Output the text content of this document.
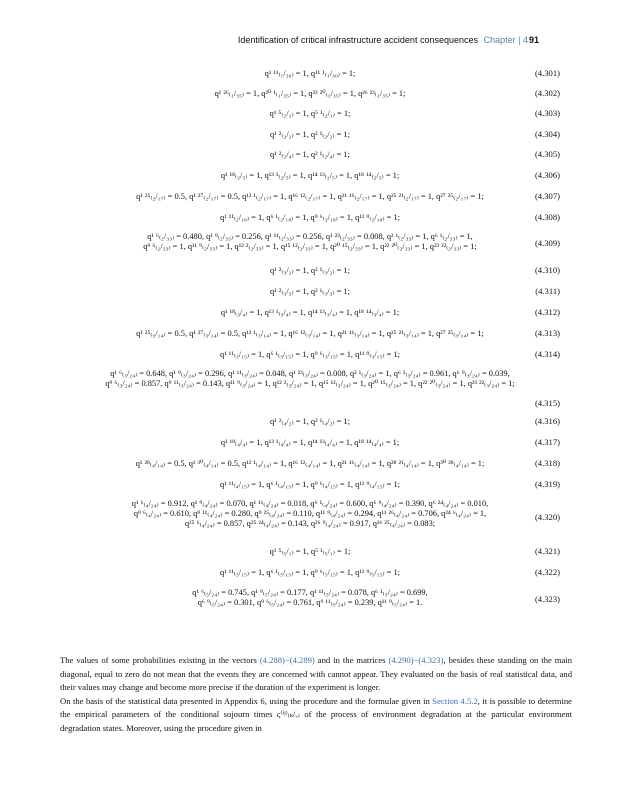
Identification of critical infrastructure accident consequences Chapter | 4 91
q¹ ¹¹₍₁/₃₀₎ = 1, q¹¹ ¹₍₁/₃₀₎ = 1;	(4.301)
q¹ ²⁶₍₁/₃₅₎ = 1, q²⁰ ¹₍₁/₃₅₎ = 1, q²³ ²⁰₍₁/₃₅₎ = 1, q²⁶ ²³₍₁/₃₅₎ = 1;	(4.302)
q¹ ⁵₍₂/₁₎ = 1, q⁵ ¹₍₂/₁₎ = 1;	(4.303)
q¹ ²₍₂/₂₎ = 1, q² ¹₍₂/₂₎ = 1;	(4.304)
q¹ ²₍₂/₄₎ = 1, q² ¹₍₂/₄₎ = 1;	(4.305)
q¹ ¹⁸₍₂/₅₎ = 1, q¹³ ¹₍₂/₅₎ = 1, q¹⁴ ¹³₍₂/₅₎ = 1, q¹⁸ ¹⁴₍₂/₅₎ = 1;	(4.306)
q¹ ²⁵₍₂/₁₇₎ = 0.5, q¹ ²⁷₍₂/₁₇₎ = 0.5, q¹² ¹₍₂/₁₇₎ = 1, q¹⁶ ¹²₍₂/₁₇₎ = 1, q²¹ ¹⁶₍₂/₁₇₎ = 1, q²⁵ ²¹₍₂/₁₇₎ = 1, q²⁷ ²⁵₍₂/₁₇₎ = 1;	(4.307)
q¹ ¹¹₍₂/₁₈₎ = 1, q⁶ ¹₍₂/₁₈₎ = 1, q⁹ ⁶₍₂/₁₈₎ = 1, q¹¹ ⁹₍₂/₁₈₎ = 1;	(4.308)
q¹ ⁶₍₂/₃₃₎ = 0.480, q¹ ⁹₍₂/₃₃₎ = 0.256, q¹ ¹¹₍₂/₃₃₎ = 0.256, q¹ ²³₍₂/₃₃₎ = 0.008, q² ¹₍₂/₃₃₎ = 1, q⁶ ¹₍₂/₃₃₎ = 1,
q⁹ ⁶₍₂/₃₃₎ = 1, q¹¹ ⁹₍₂/₃₃₎ = 1, q¹² ²₍₂/₃₃₎ = 1, q¹⁵ ¹²₍₂/₃₃₎ = 1, q²⁰ ¹⁵₍₂/₃₃₎ = 1, q²² ²⁰₍₂/₃₃₎ = 1, q²³ ²²₍₂/₃₃₎ = 1;	(4.309)
q¹ ²₍₃/₂₎ = 1, q² ¹₍₃/₂₎ = 1;	(4.310)
q¹ ²₍₃/₃₎ = 1, q² ¹₍₃/₃₎ = 1;	(4.311)
q¹ ¹⁸₍₃/₄₎ = 1, q¹³ ¹₍₃/₄₎ = 1, q¹⁴ ¹³₍₃/₄₎ = 1, q¹⁸ ¹⁴₍₃/₄₎ = 1;	(4.312)
q¹ ²⁵₍₃/₁₄₎ = 0.5, q¹ ²⁷₍₃/₁₄₎ = 0.5, q¹² ¹₍₃/₁₄₎ = 1, q¹⁶ ¹²₍₃/₁₄₎ = 1, q²¹ ¹⁶₍₃/₁₄₎ = 1, q²⁵ ²¹₍₃/₁₄₎ = 1, q²⁷ ²⁵₍₃/₁₄₎ = 1;	(4.313)
q¹ ¹¹₍₃/₁₅₎ = 1, q⁶ ¹₍₃/₁₅₎ = 1, q⁹ ⁶₍₃/₁₅₎ = 1, q¹¹ ⁹₍₃/₁₅₎ = 1;	(4.314)
q¹ ⁶₍₃/₂₄₎ = 0.648, q¹ ⁹₍₃/₂₄₎ = 0.296, q¹ ¹¹₍₃/₂₄₎ = 0.048, q¹ ²³₍₃/₂₄₎ = 0.008, q² ¹₍₃/₂₄₎ = 1, q⁶ ¹₍₃/₂₄₎ = 0.961, q⁶ ⁹₍₃/₂₄₎ = 0.039,
q⁹ ⁶₍₃/₂₄₎ = 0.857, q⁹ ¹¹₍₃/₂₄₎ = 0.143, q¹¹ ⁹₍₃/₂₄₎ = 1, q¹² ²₍₃/₂₄₎ = 1, q¹⁵ ¹²₍₃/₂₄₎ = 1, q²⁰ ¹⁵₍₃/₂₄₎ = 1, q²² ²⁰₍₃/₂₄₎ = 1, q²³ ²²₍₃/₂₄₎ = 1;
(4.315)
q¹ ²₍₄/₂₎ = 1, q² ¹₍₄/₂₎ = 1;	(4.316)
q¹ ¹⁸₍₄/₄₎ = 1, q¹³ ¹₍₄/₄₎ = 1, q¹⁴ ¹³₍₄/₄₎ = 1, q¹⁸ ¹⁴₍₄/₄₎ = 1;	(4.317)
q¹ ²⁸₍₄/₁₄₎ = 0.5, q¹ ³⁰₍₄/₁₄₎ = 0.5, q¹² ¹₍₄/₁₄₎ = 1, q¹⁶ ¹²₍₄/₁₄₎ = 1, q²¹ ¹⁶₍₄/₁₄₎ = 1, q²⁸ ²¹₍₄/₁₄₎ = 1, q³⁰ ²⁸₍₄/₁₄₎ = 1;	(4.318)
q¹ ¹¹₍₄/₁₅₎ = 1, q⁶ ¹₍₄/₁₅₎ = 1, q⁹ ⁶₍₄/₁₅₎ = 1, q¹¹ ⁹₍₄/₁₅₎ = 1;	(4.319)
q¹ ⁶₍₄/₂₄₎ = 0.912, q¹ ⁹₍₄/₂₄₎ = 0.070, q¹ ¹¹₍₄/₂₄₎ = 0.018, q⁶ ¹₍₄/₂₄₎ = 0.600, q⁶ ⁹₍₄/₂₄₎ = 0.390, q⁶ ²⁴₍₄/₂₄₎ = 0.010,
q⁹ ⁶₍₄/₂₄₎ = 0.610, q⁹ ¹¹₍₄/₂₄₎ = 0.280, q⁹ ²⁵₍₄/₂₄₎ = 0.110, q¹¹ ⁹₍₄/₂₄₎ = 0.294, q¹¹ ²⁶₍₄/₂₄₎ = 0.706, q²⁴ ⁶₍₄/₂₄₎ = 1,
q²⁵ ⁶₍₄/₂₄₎ = 0.857, q²⁵ ²⁴₍₄/₂₄₎ = 0.143, q²⁶ ⁹₍₄/₂₄₎ = 0.917, q²⁶ ²⁵₍₄/₂₄₎ = 0.083;
(4.320)
q¹ ⁵₍₅/₁₎ = 1, q⁵ ¹₍₅/₁₎ = 1;	(4.321)
q¹ ¹¹₍₅/₁₅₎ = 1, q⁶ ¹₍₅/₁₅₎ = 1, q⁹ ⁶₍₅/₁₅₎ = 1, q¹¹ ⁹₍₅/₁₅₎ = 1;	(4.322)
q¹ ⁶₍₅/₂₄₎ = 0.745, q¹ ⁹₍₅/₂₄₎ = 0.177, q¹ ¹¹₍₅/₂₄₎ = 0.078, q⁶ ¹₍₅/₂₄₎ = 0.699,
q⁶ ⁹₍₅/₂₄₎ = 0.301, q⁹ ⁶₍₅/₂₄₎ = 0.761, q⁹ ¹¹₍₅/₂₄₎ = 0.239, q¹¹ ⁹₍₅/₂₄₎ = 1.	(4.323)

The values of some probabilities existing in the vectors (4.288)−(4.289) and in the matrices (4.290)−(4.323), besides these standing on the main diagonal, equal to zero do not mean that the events they are concerned with cannot appear. They evaluated on the basis of real statistical data, and their values may change and become more precise if the duration of the experiment is longer.

On the basis of the statistical data presented in Appendix 6, using the procedure and the formulae given in Section 4.5.2, it is possible to determine the empirical parameters of the conditional sojourn times ς⁽ⁱʲ⁾₍ₖ/ᵥ₎ of the process of environment degradation at the particular environment degradation states. Moreover, using the procedure given in
